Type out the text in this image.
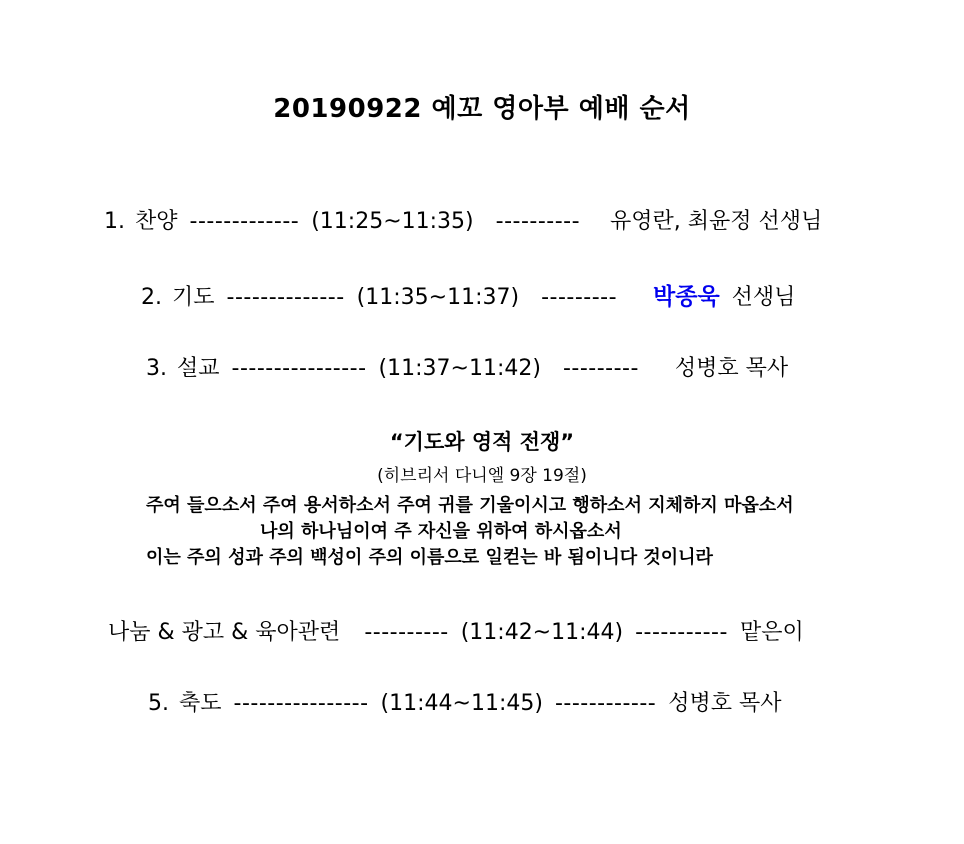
20190922 예꼬 영아부 예배 순서
1. 찬양 ------------- (11:25~11:35) ---------- 유영란, 최윤정 선생님
2. 기도 -------------- (11:35~11:37) --------- 박종욱 선생님
3. 설교 ---------------- (11:37~11:42) --------- 성병호 목사
“기도와 영적 전쟁”
(히브리서 다니엘 9장 19절)
주여 들으소서 주여 용서하소서 주여 귀를 기울이시고 행하소서 지체하지 마옵소서
나의 하나님이여 주 자신을 위하여 하시옵소서
이는 주의 성과 주의 백성이 주의 이름으로 일컫는 바 됨이니다 것이니라
나눔 & 광고 & 육아관련 ---------- (11:42~11:44) ----------- 맡은이
5. 축도 ---------------- (11:44~11:45) ------------ 성병호 목사
